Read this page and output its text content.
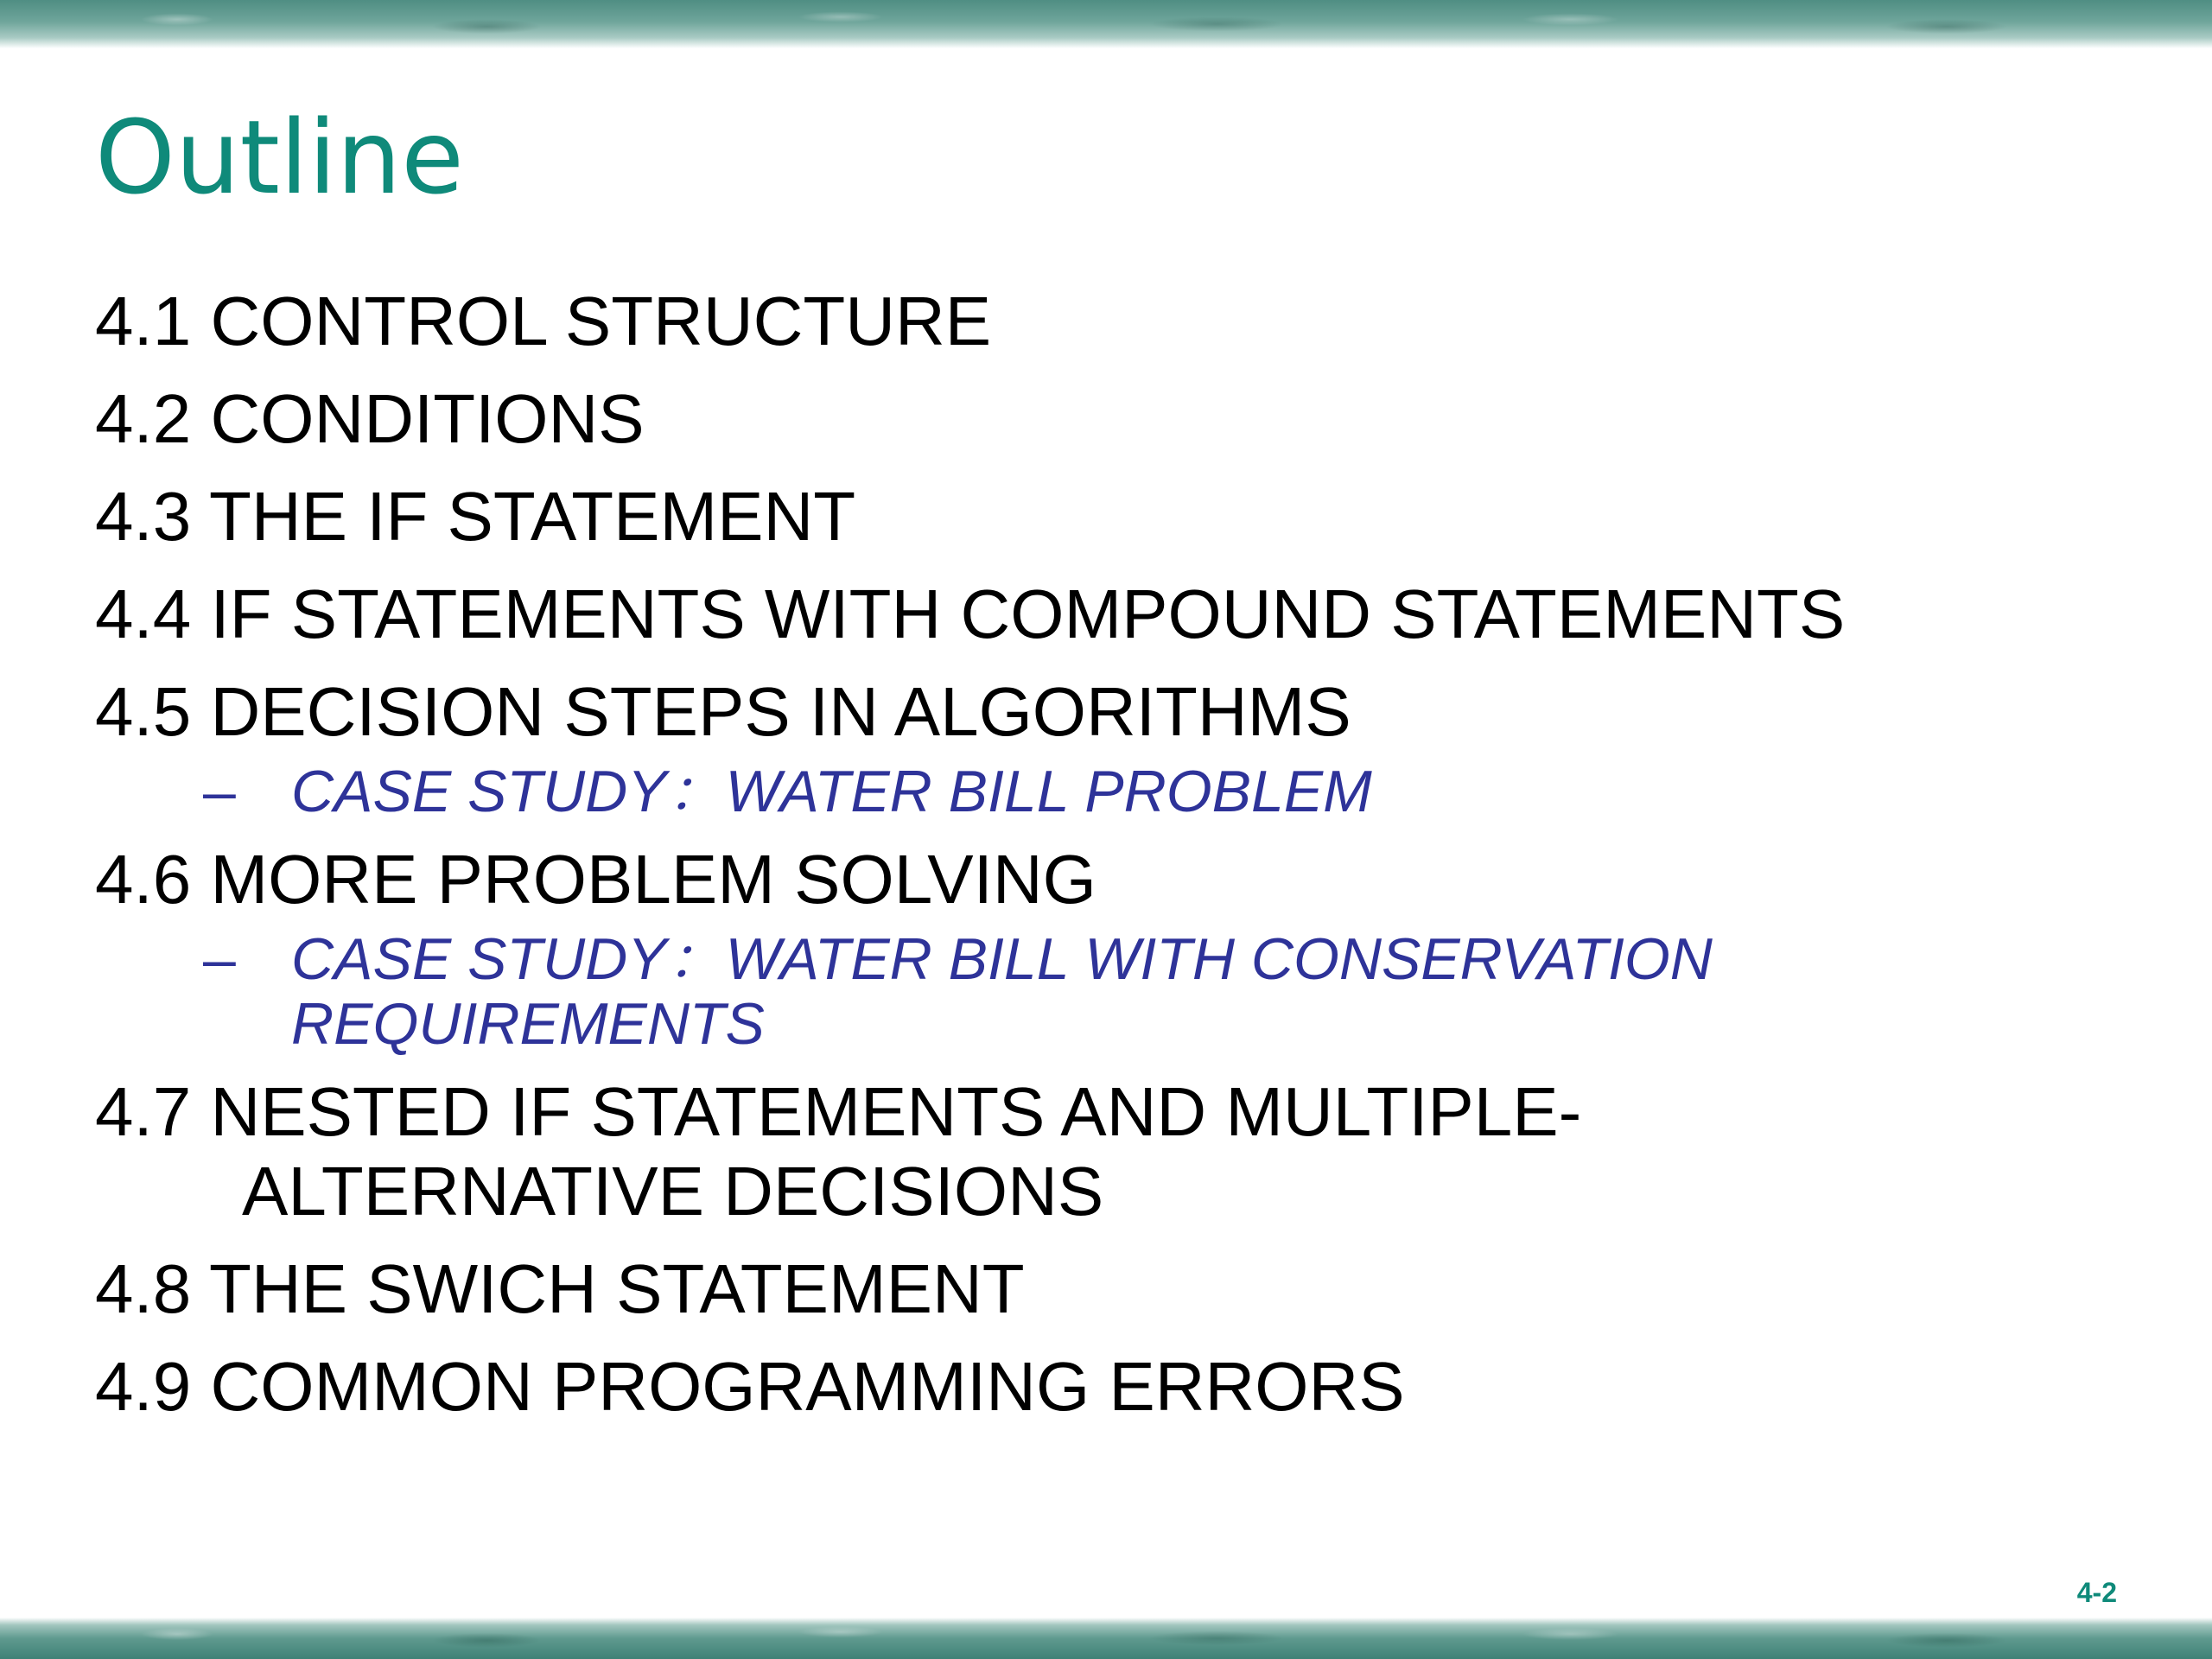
Outline
4.1 CONTROL STRUCTURE
4.2 CONDITIONS
4.3 THE IF STATEMENT
4.4 IF STATEMENTS WITH COMPOUND STATEMENTS
4.5 DECISION STEPS IN ALGORITHMS
– CASE STUDY：WATER BILL PROBLEM
4.6 MORE PROBLEM SOLVING
– CASE STUDY：WATER BILL WITH CONSERVATION REQUIREMENTS
4.7 NESTED IF STATEMENTS AND MULTIPLE-ALTERNATIVE DECISIONS
4.8 THE SWICH STATEMENT
4.9 COMMON PROGRAMMING ERRORS
4-2
